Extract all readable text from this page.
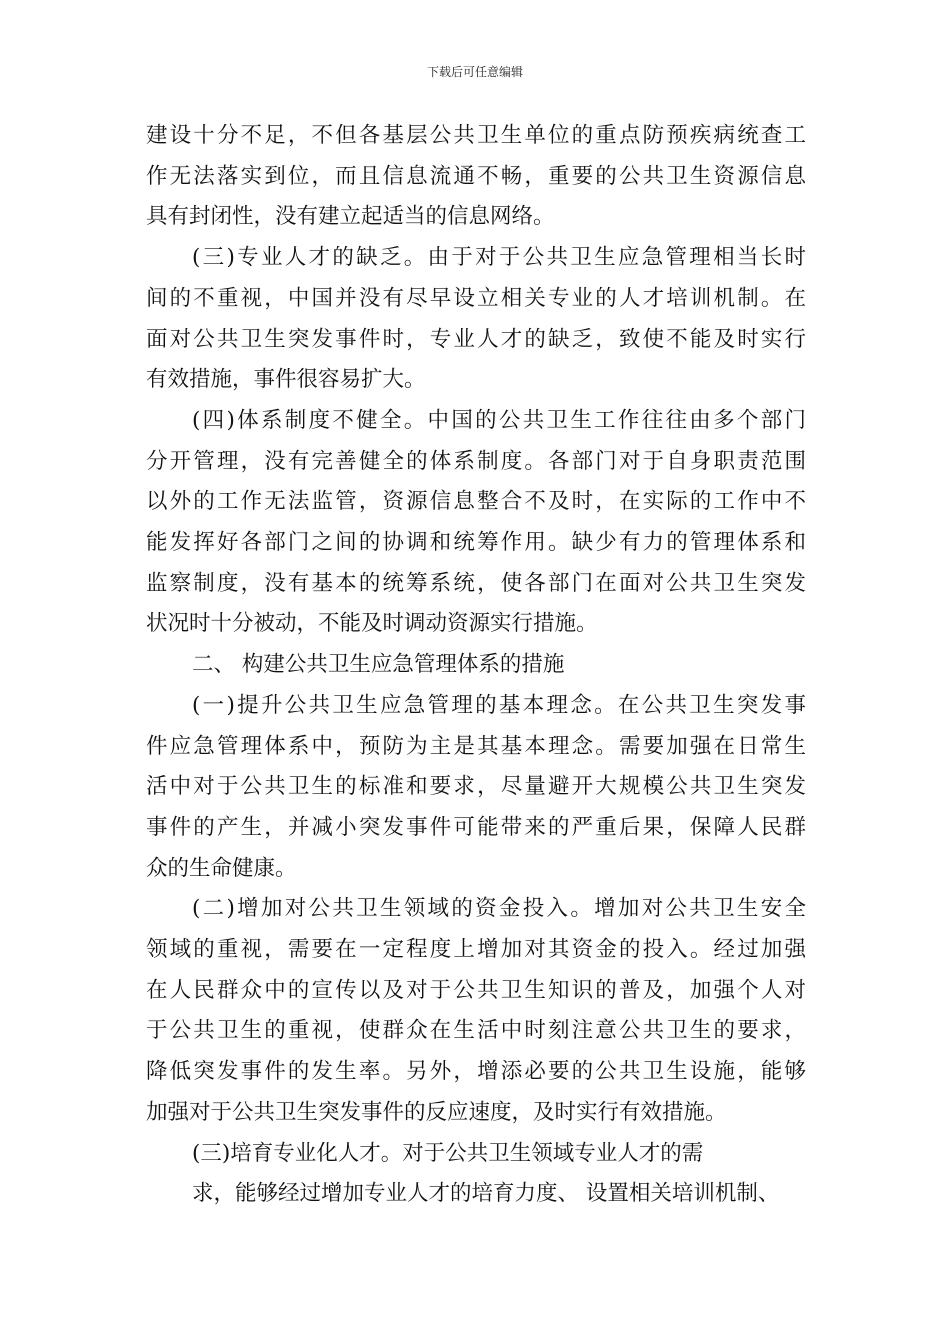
下载后可任意编辑
建设十分不足，不但各基层公共卫生单位的重点防预疾病统查工
作无法落实到位，而且信息流通不畅，重要的公共卫生资源信息
具有封闭性，没有建立起适当的信息网络。
(三)专业人才的缺乏。由于对于公共卫生应急管理相当长时
间的不重视，中国并没有尽早设立相关专业的人才培训机制。在
面对公共卫生突发事件时，专业人才的缺乏，致使不能及时实行
有效措施，事件很容易扩大。
(四)体系制度不健全。中国的公共卫生工作往往由多个部门
分开管理，没有完善健全的体系制度。各部门对于自身职责范围
以外的工作无法监管，资源信息整合不及时，在实际的工作中不
能发挥好各部门之间的协调和统筹作用。缺少有力的管理体系和
监察制度，没有基本的统筹系统，使各部门在面对公共卫生突发
状况时十分被动，不能及时调动资源实行措施。
二、 构建公共卫生应急管理体系的措施
(一)提升公共卫生应急管理的基本理念。在公共卫生突发事
件应急管理体系中，预防为主是其基本理念。需要加强在日常生
活中对于公共卫生的标准和要求，尽量避开大规模公共卫生突发
事件的产生，并减小突发事件可能带来的严重后果，保障人民群
众的生命健康。
(二)增加对公共卫生领域的资金投入。增加对公共卫生安全
领域的重视，需要在一定程度上增加对其资金的投入。经过加强
在人民群众中的宣传以及对于公共卫生知识的普及，加强个人对
于公共卫生的重视，使群众在生活中时刻注意公共卫生的要求，
降低突发事件的发生率。另外，增添必要的公共卫生设施，能够
加强对于公共卫生突发事件的反应速度，及时实行有效措施。
(三)培育专业化人才。对于公共卫生领域专业人才的需
求，能够经过增加专业人才的培育力度、 设置相关培训机制、
